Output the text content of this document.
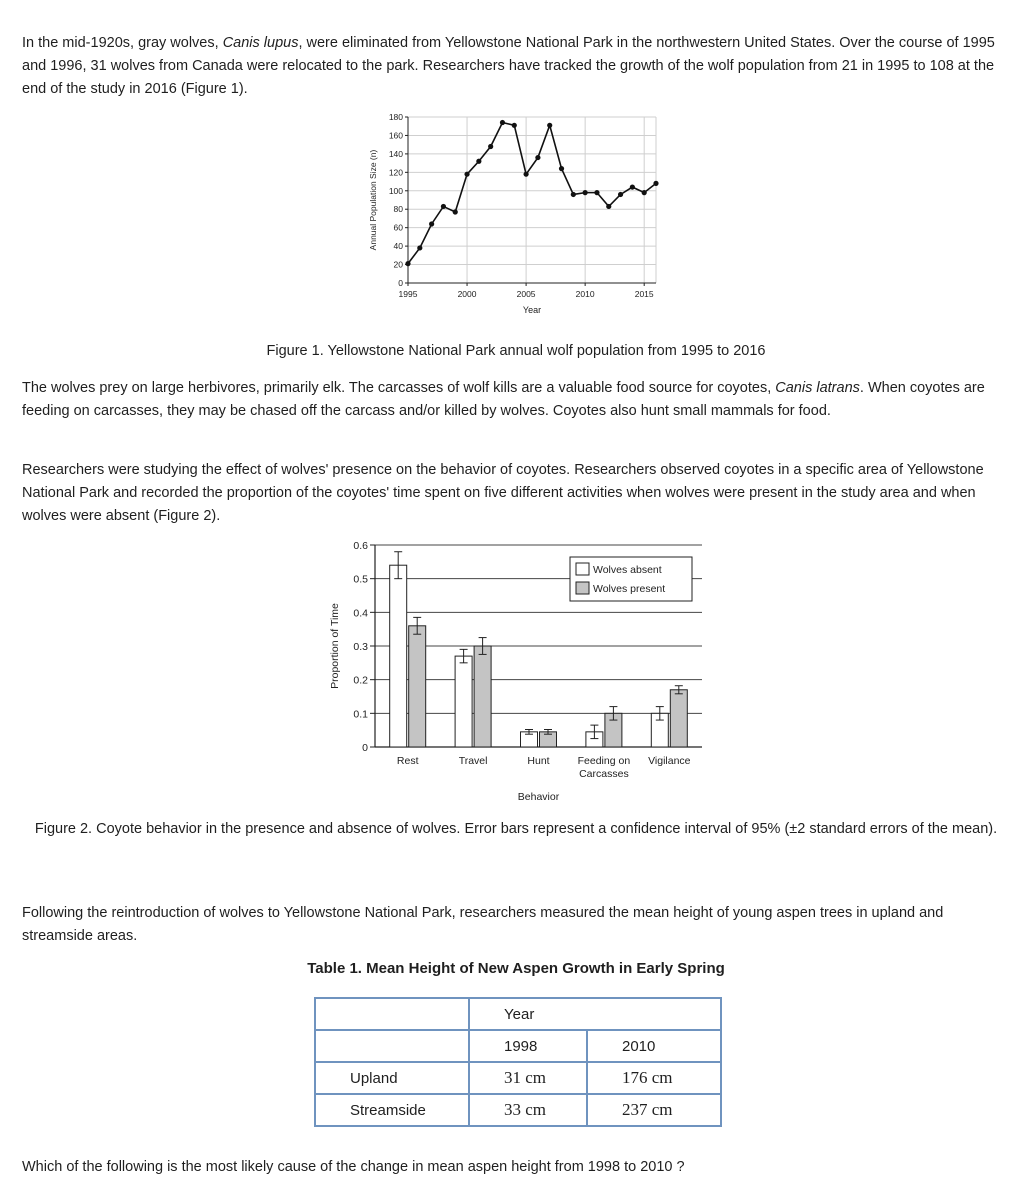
In the mid-1920s, gray wolves, Canis lupus, were eliminated from Yellowstone National Park in the northwestern United States. Over the course of 1995 and 1996, 31 wolves from Canada were relocated to the park. Researchers have tracked the growth of the wolf population from 21 in 1995 to 108 at the end of the study in 2016 (Figure 1).

0
20
40
60
80
100
120
140
160
180
1995	2000	2005	2010	2015
Year
Annual Population Size (n)

Figure 1. Yellowstone National Park annual wolf population from 1995 to 2016

The wolves prey on large herbivores, primarily elk. The carcasses of wolf kills are a valuable food source for coyotes, Canis latrans. When coyotes are feeding on carcasses, they may be chased off the carcass and/or killed by wolves. Coyotes also hunt small mammals for food.

Researchers were studying the effect of wolves' presence on the behavior of coyotes. Researchers observed coyotes in a specific area of Yellowstone National Park and recorded the proportion of the coyotes' time spent on five different activities when wolves were present in the study area and when wolves were absent (Figure 2).

0
0.1
0.2
0.3
0.4
0.5
0.6
Rest	Travel	Hunt	Feeding on
Carcasses
Vigilance
Behavior
Proportion of Time
Wolves absent
Wolves present

Figure 2. Coyote behavior in the presence and absence of wolves. Error bars represent a confidence interval of 95% (±2 standard errors of the mean).

Following the reintroduction of wolves to Yellowstone National Park, researchers measured the mean height of young aspen trees in upland and streamside areas.

Table 1. Mean Height of New Aspen Growth in Early Spring

	Year	
	1998	2010
Upland	31 cm	176 cm
Streamside	33 cm	237 cm

Which of the following is the most likely cause of the change in mean aspen height from 1998 to 2010 ?
